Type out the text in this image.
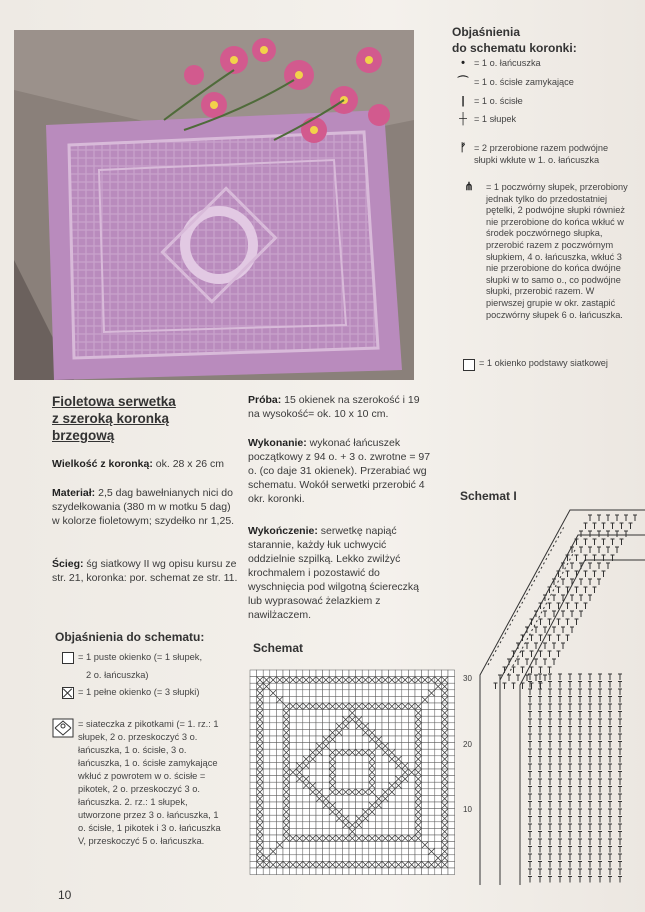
Fioletowa serwetka
z szeroką koronką
brzegową
Wielkość z koronką: ok. 28 x 26 cm
Materiał: 2,5 dag bawełnianych nici do szydełkowania (380 m w motku 5 dag) w kolorze fioletowym; szydełko nr 1,25.
Ścieg: śg siatkowy II wg opisu kursu ze str. 21, koronka: por. schemat ze str. 11.
Próba: 15 okienek na szerokość i 19 na wysokość= ok. 10 x 10 cm.
Wykonanie: wykonać łańcuszek początkowy z 94 o. + 3 o. zwrotne = 97 o. (co daje 31 okienek). Przerabiać wg schematu. Wokół serwetki przerobić 4 okr. koronki.
Wykończenie: serwetkę napiąć starannie, każdy łuk uchwycić oddzielnie szpilką. Lekko zwilżyć krochmalem i pozostawić do wyschnięcia pod wilgotną ściereczką lub wyprasować żelazkiem z nawilżaczem.
Objaśnienia do schematu:
= 1 puste okienko (= 1 słupek,
2 o. łańcuszka)
= 1 pełne okienko (= 3 słupki)
= siateczka z pikotkami (= 1. rz.: 1 słupek, 2 o. przeskoczyć 3 o. łańcuszka, 1 o. ścisłe, 3 o. łańcuszka, 1 o. ścisłe zamykające wkłuć z powrotem w o. ścisłe = pikotek, 2 o. przeskoczyć 3 o. łańcuszka. 2. rz.: 1 słupek, utworzone przez 3 o. łańcuszka, 1 o. ścisłe, 1 pikotek i 3 o. łańcuszka V, przeskoczyć 5 o. łańcuszka.
Schemat
30
20
10
Objaśnienia
do schematu koronki:
• = 1 o. łańcuszka
⌒ = 1 o. ścisłe zamykające
|	= 1 o. ścisłe
┼ = 1 słupek
ᚠ = 2 przerobione razem podwójne słupki wkłute w 1. o. łańcuszka
⋔	= 1 poczwórny słupek, przerobiony jednak tylko do przedostatniej pętelki, 2 podwójne słupki również nie przerobione do końca wkłuć w środek poczwórnego słupka, przerobić razem z poczwórnym słupkiem, 4 o. łańcuszka, wkłuć 3 nie przerobione do końca dwójne słupki w to samo o., co podwójne słupki, przerobić razem. W pierwszej grupie w okr. zastąpić poczwórny słupek 6 o. łańcuszka.
= 1 okienko podstawy siatkowej
Schemat I
10
